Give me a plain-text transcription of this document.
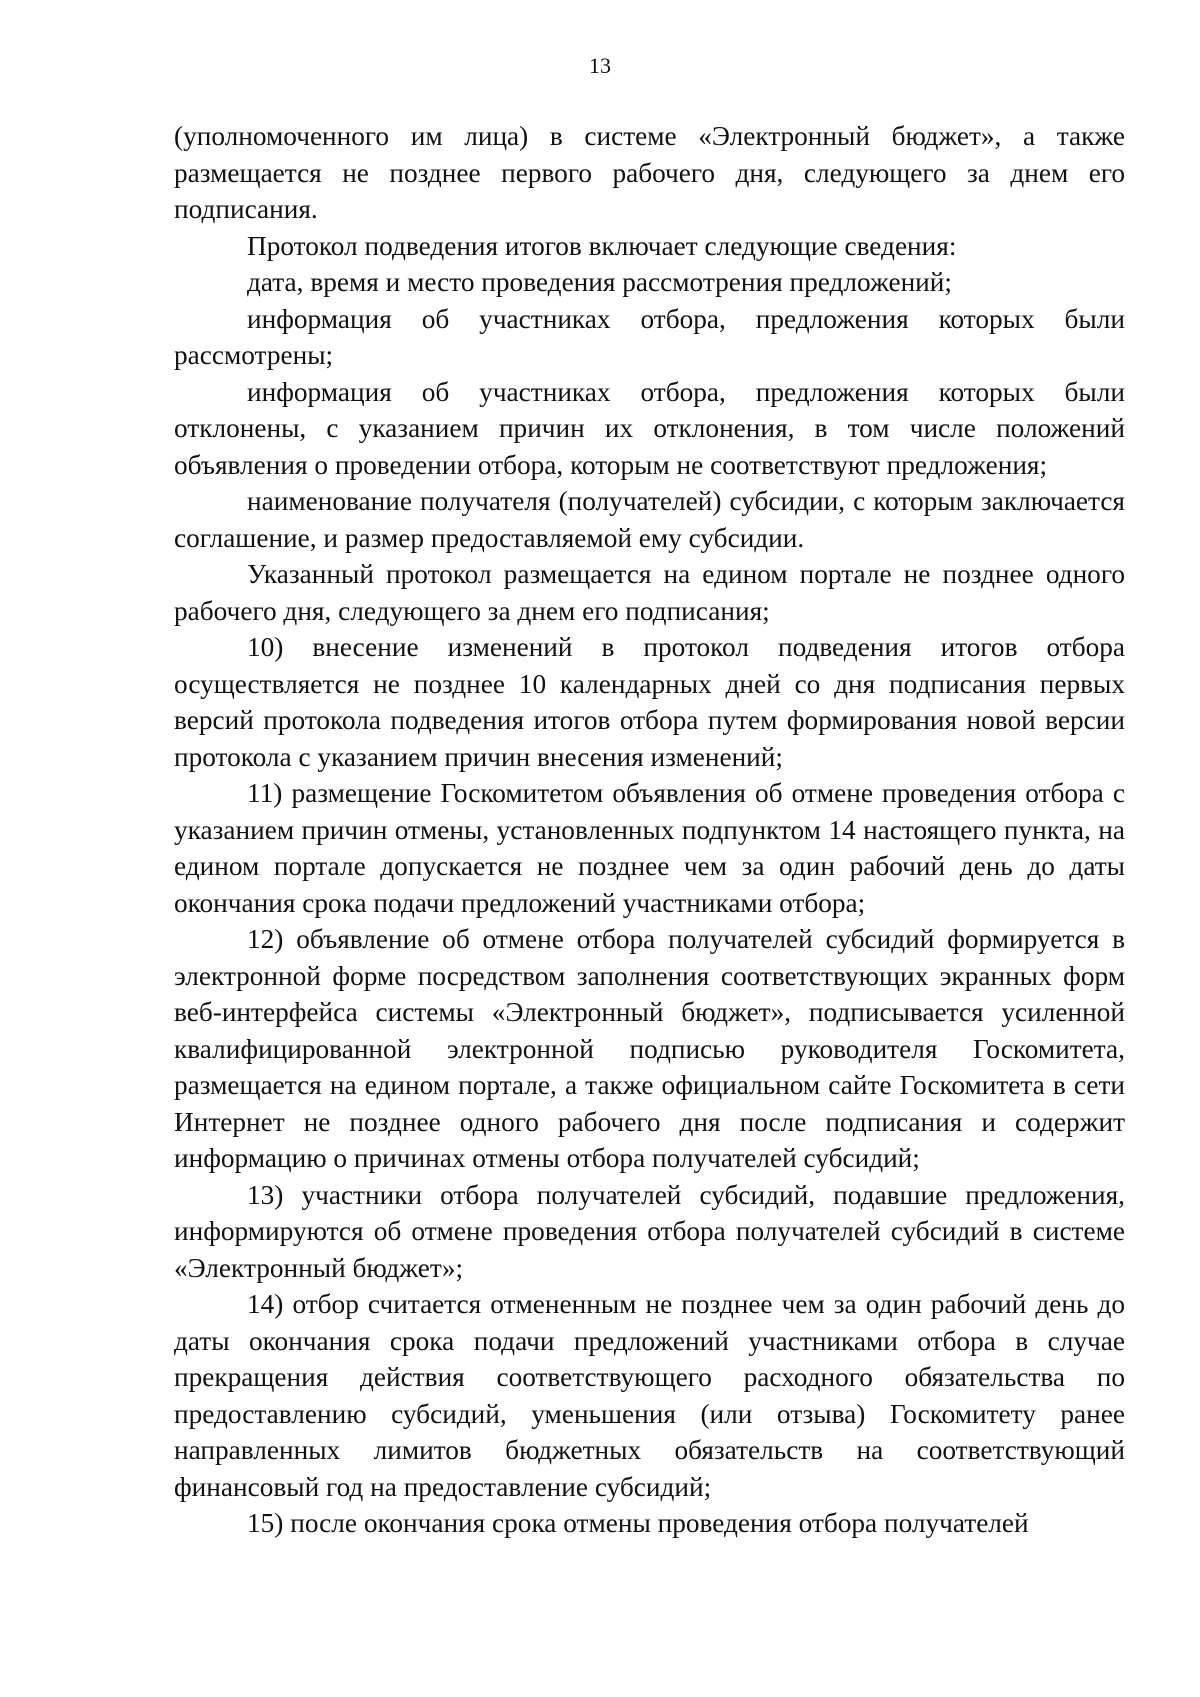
13

(уполномоченного им лица) в системе «Электронный бюджет», а также размещается не позднее первого рабочего дня, следующего за днем его подписания.

Протокол подведения итогов включает следующие сведения:

дата, время и место проведения рассмотрения предложений;

информация об участниках отбора, предложения которых были рассмотрены;

информация об участниках отбора, предложения которых были отклонены, с указанием причин их отклонения, в том числе положений объявления о проведении отбора, которым не соответствуют предложения;

наименование получателя (получателей) субсидии, с которым заключается соглашение, и размер предоставляемой ему субсидии.

Указанный протокол размещается на едином портале не позднее одного рабочего дня, следующего за днем его подписания;

10) внесение изменений в протокол подведения итогов отбора осуществляется не позднее 10 календарных дней со дня подписания первых версий протокола подведения итогов отбора путем формирования новой версии протокола с указанием причин внесения изменений;

11) размещение Госкомитетом объявления об отмене проведения отбора с указанием причин отмены, установленных подпунктом 14 настоящего пункта, на едином портале допускается не позднее чем за один рабочий день до даты окончания срока подачи предложений участниками отбора;

12) объявление об отмене отбора получателей субсидий формируется в электронной форме посредством заполнения соответствующих экранных форм веб-интерфейса системы «Электронный бюджет», подписывается усиленной квалифицированной электронной подписью руководителя Госкомитета, размещается на едином портале, а также официальном сайте Госкомитета в сети Интернет не позднее одного рабочего дня после подписания и содержит информацию о причинах отмены отбора получателей субсидий;

13) участники отбора получателей субсидий, подавшие предложения, информируются об отмене проведения отбора получателей субсидий в системе «Электронный бюджет»;

14) отбор считается отмененным не позднее чем за один рабочий день до даты окончания срока подачи предложений участниками отбора в случае прекращения действия соответствующего расходного обязательства по предоставлению субсидий, уменьшения (или отзыва) Госкомитету ранее направленных лимитов бюджетных обязательств на соответствующий финансовый год на предоставление субсидий;

15) после окончания срока отмены проведения отбора получателей
